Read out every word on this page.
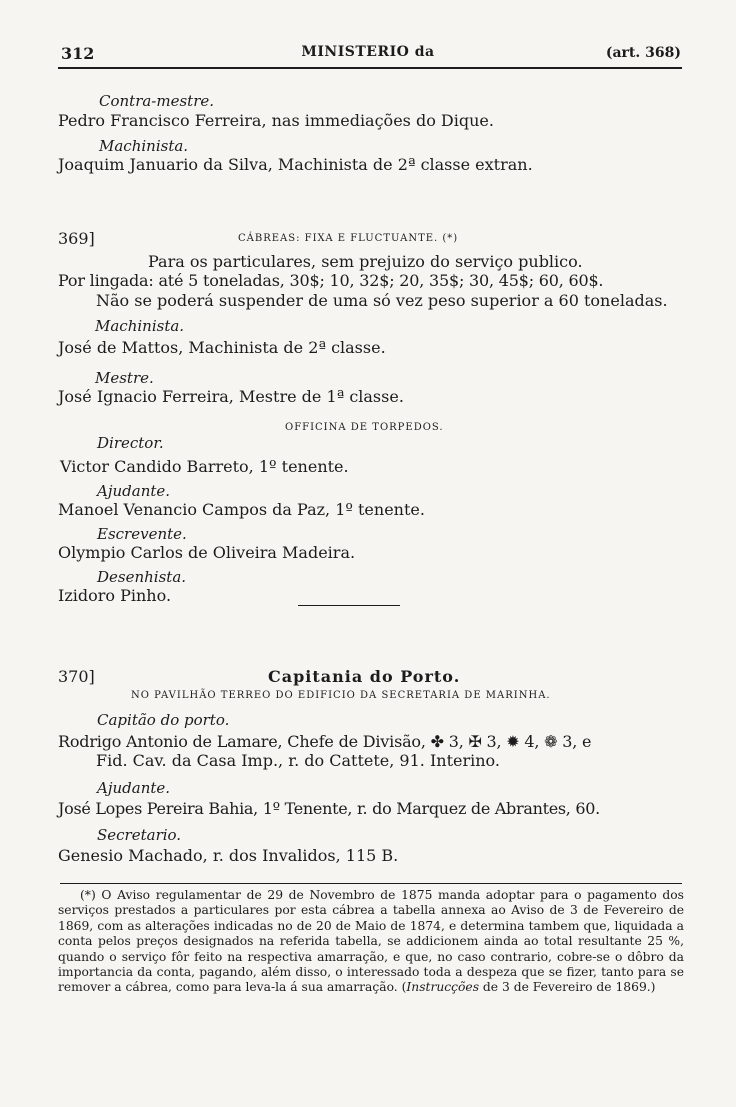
312	MINISTERIO da	(art. 368)
Contra-mestre.
Pedro Francisco Ferreira, nas immediações do Dique.
Machinista.
Joaquim Januario da Silva, Machinista de 2ª classe extran.
369]	CÁBREAS: FIXA E FLUCTUANTE. (*)
Para os particulares, sem prejuizo do serviço publico.
Por lingada: até 5 toneladas, 30$; 10, 32$; 20, 35$; 30, 45$; 60, 60$.
Não se poderá suspender de uma só vez peso superior a 60 toneladas.
Machinista.
José de Mattos, Machinista de 2ª classe.
Mestre.
José Ignacio Ferreira, Mestre de 1ª classe.
OFFICINA DE TORPEDOS.
Director.
Victor Candido Barreto, 1º tenente.
Ajudante.
Manoel Venancio Campos da Paz, 1º tenente.
Escrevente.
Olympio Carlos de Oliveira Madeira.
Desenhista.
Izidoro Pinho.
370]	Capitania do Porto.
NO PAVILHÃO TERREO DO EDIFICIO DA SECRETARIA DE MARINHA.
Capitão do porto.
Rodrigo Antonio de Lamare, Chefe de Divisão, ✤ 3, ✠ 3, ✹ 4, ❁ 3, e
Fid. Cav. da Casa Imp., r. do Cattete, 91. Interino.
Ajudante.
José Lopes Pereira Bahia, 1º Tenente, r. do Marquez de Abrantes, 60.
Secretario.
Genesio Machado, r. dos Invalidos, 115 B.
(*) O Aviso regulamentar de 29 de Novembro de 1875 manda adoptar para o pagamento dos serviços prestados a particulares por esta cábrea a tabella annexa ao Aviso de 3 de Fevereiro de 1869, com as alterações indicadas no de 20 de Maio de 1874, e determina tambem que, liquidada a conta pelos preços designados na referida tabella, se addicionem ainda ao total resultante 25 %, quando o serviço fôr feito na respectiva amarração, e que, no caso contrario, cobre-se o dôbro da importancia da conta, pagando, além disso, o interessado toda a despeza que se fizer, tanto para se remover a cábrea, como para leva-la á sua amarração. (Instrucções de 3 de Fevereiro de 1869.)
